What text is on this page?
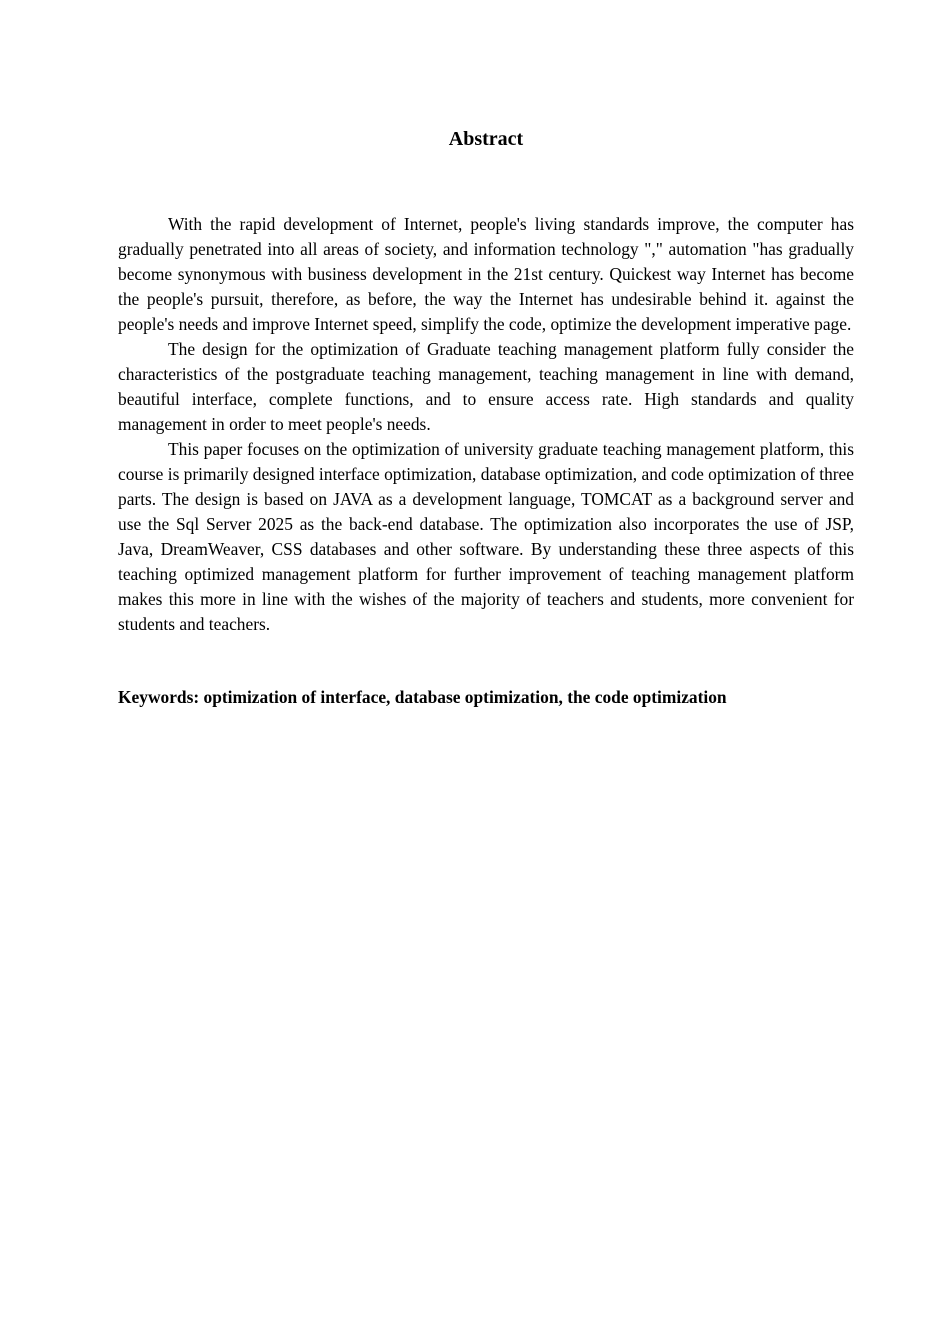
Abstract

With the rapid development of Internet, people's living standards improve, the computer has gradually penetrated into all areas of society, and information technology "," automation "has gradually become synonymous with business development in the 21st century. Quickest way Internet has become the people's pursuit, therefore, as before, the way the Internet has undesirable behind it. against the people's needs and improve Internet speed, simplify the code, optimize the development imperative page.

The design for the optimization of Graduate teaching management platform fully consider the characteristics of the postgraduate teaching management, teaching management in line with demand, beautiful interface, complete functions, and to ensure access rate. High standards and quality management in order to meet people's needs.

This paper focuses on the optimization of university graduate teaching management platform, this course is primarily designed interface optimization, database optimization, and code optimization of three parts. The design is based on JAVA as a development language, TOMCAT as a background server and use the Sql Server 2025 as the back-end database. The optimization also incorporates the use of JSP, Java, DreamWeaver, CSS databases and other software. By understanding these three aspects of this teaching optimized management platform for further improvement of teaching management platform makes this more in line with the wishes of the majority of teachers and students, more convenient for students and teachers.

Keywords: optimization of interface, database optimization, the code optimization
